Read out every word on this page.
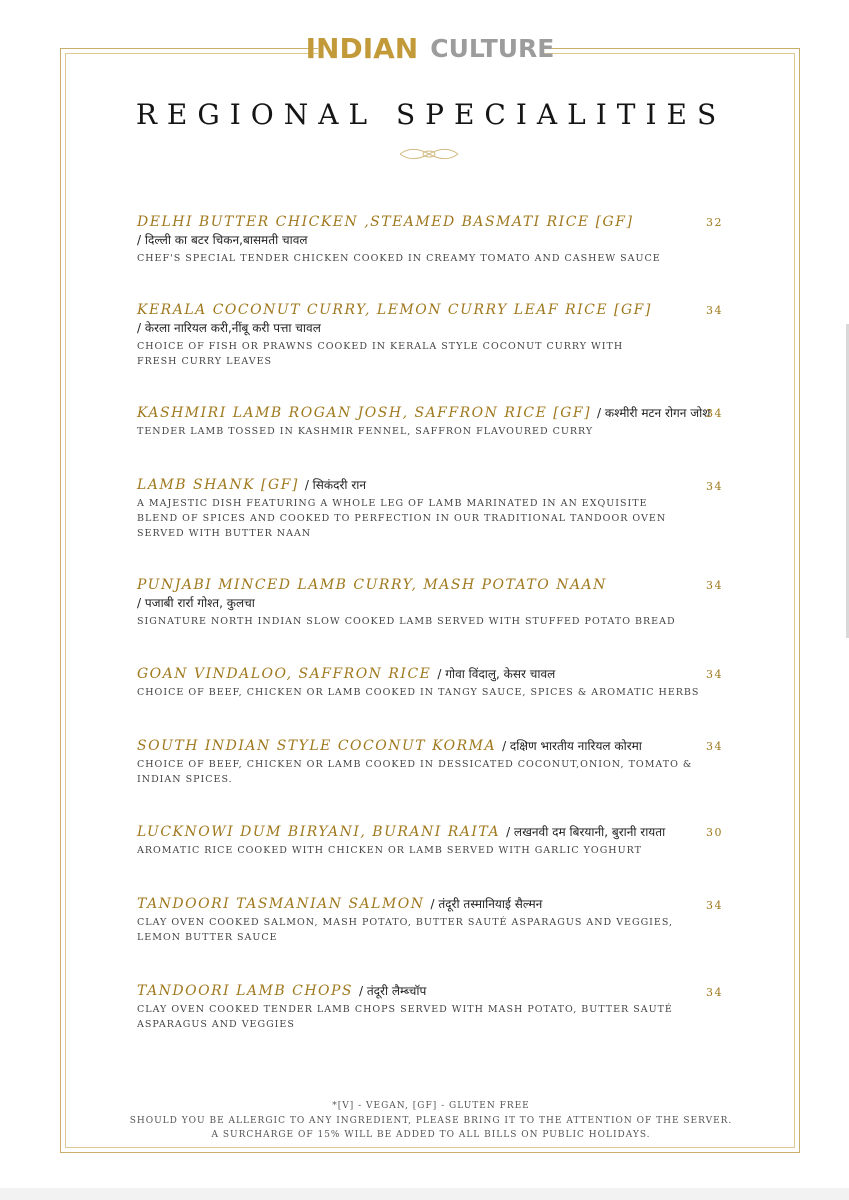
INDIAN CULTURE
REGIONAL SPECIALITIES
DELHI BUTTER CHICKEN ,STEAMED BASMATI RICE [GF]
/ दिल्ली का बटर चिकन,बासमती चावल
CHEF'S SPECIAL TENDER CHICKEN COOKED IN CREAMY TOMATO AND CASHEW SAUCE
32
KERALA COCONUT CURRY, LEMON CURRY LEAF RICE [GF]
/ केरला नारियल करी,नींबू करी पत्ता चावल
CHOICE OF FISH OR PRAWNS COOKED IN KERALA STYLE COCONUT CURRY WITH
FRESH CURRY LEAVES
34
KASHMIRI LAMB ROGAN JOSH, SAFFRON RICE [GF] / कश्मीरी मटन रोगन जोश
TENDER LAMB TOSSED IN KASHMIR FENNEL, SAFFRON FLAVOURED CURRY
34
LAMB SHANK [GF] / सिकंदरी रान
A MAJESTIC DISH FEATURING A WHOLE LEG OF LAMB MARINATED IN AN EXQUISITE
BLEND OF SPICES AND COOKED TO PERFECTION IN OUR TRADITIONAL TANDOOR OVEN
SERVED WITH BUTTER NAAN
34
PUNJABI MINCED LAMB CURRY, MASH POTATO NAAN
/ पजाबी रार्रा गोश्त, कुलचा
SIGNATURE NORTH INDIAN SLOW COOKED LAMB SERVED WITH STUFFED POTATO BREAD
34
GOAN VINDALOO, SAFFRON RICE / गोवा विंदालु, केसर चावल
CHOICE OF BEEF, CHICKEN OR LAMB COOKED IN TANGY SAUCE, SPICES & AROMATIC HERBS
34
SOUTH INDIAN STYLE COCONUT KORMA / दक्षिण भारतीय नारियल कोरमा
CHOICE OF BEEF, CHICKEN OR LAMB COOKED IN DESSICATED COCONUT,ONION, TOMATO &
INDIAN SPICES.
34
LUCKNOWI DUM BIRYANI, BURANI RAITA / लखनवी दम बिरयानी, बुरानी रायता
AROMATIC RICE COOKED WITH CHICKEN OR LAMB SERVED WITH GARLIC YOGHURT
30
TANDOORI TASMANIAN SALMON / तंदूरी तस्मानियाई सैल्मन
CLAY OVEN COOKED SALMON, MASH POTATO, BUTTER SAUTÉ ASPARAGUS AND VEGGIES,
LEMON BUTTER SAUCE
34
TANDOORI LAMB CHOPS / तंदूरी लैम्ब्चॉप
CLAY OVEN COOKED TENDER LAMB CHOPS SERVED WITH MASH POTATO, BUTTER SAUTÉ
ASPARAGUS AND VEGGIES
34
*[V] - VEGAN, [GF] - GLUTEN FREE
SHOULD YOU BE ALLERGIC TO ANY INGREDIENT, PLEASE BRING IT TO THE ATTENTION OF THE SERVER.
A SURCHARGE OF 15% WILL BE ADDED TO ALL BILLS ON PUBLIC HOLIDAYS.
